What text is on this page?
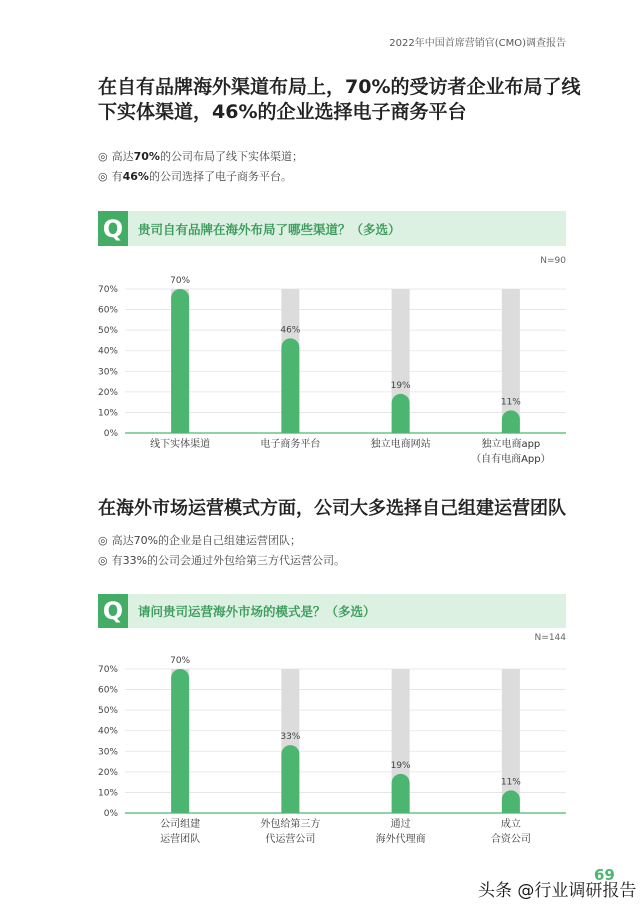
2022年中国首席营销官(CMO)调查报告
在自有品牌海外渠道布局上，70%的受访者企业布局了线
下实体渠道，46%的企业选择电子商务平台
◎ 高达70%的公司布局了线下实体渠道；
◎ 有46%的公司选择了电子商务平台。
Q	贵司自有品牌在海外布局了哪些渠道？（多选）
N=90
0%
10%
20%
30%
40%
50%
60%
70%
70%
线下实体渠道
46%
电子商务平台
19%
独立电商网站
11%
独立电商app
（自有电商App）
在海外市场运营模式方面，公司大多选择自己组建运营团队
◎ 高达70%的企业是自己组建运营团队；
◎ 有33%的公司会通过外包给第三方代运营公司。
Q	请问贵司运营海外市场的模式是？（多选）
N=144
0%
10%
20%
30%
40%
50%
60%
70%
70%
公司组建
运营团队
33%
外包给第三方
代运营公司
19%
通过
海外代理商
11%
成立
合资公司
69
头条 @行业调研报告
